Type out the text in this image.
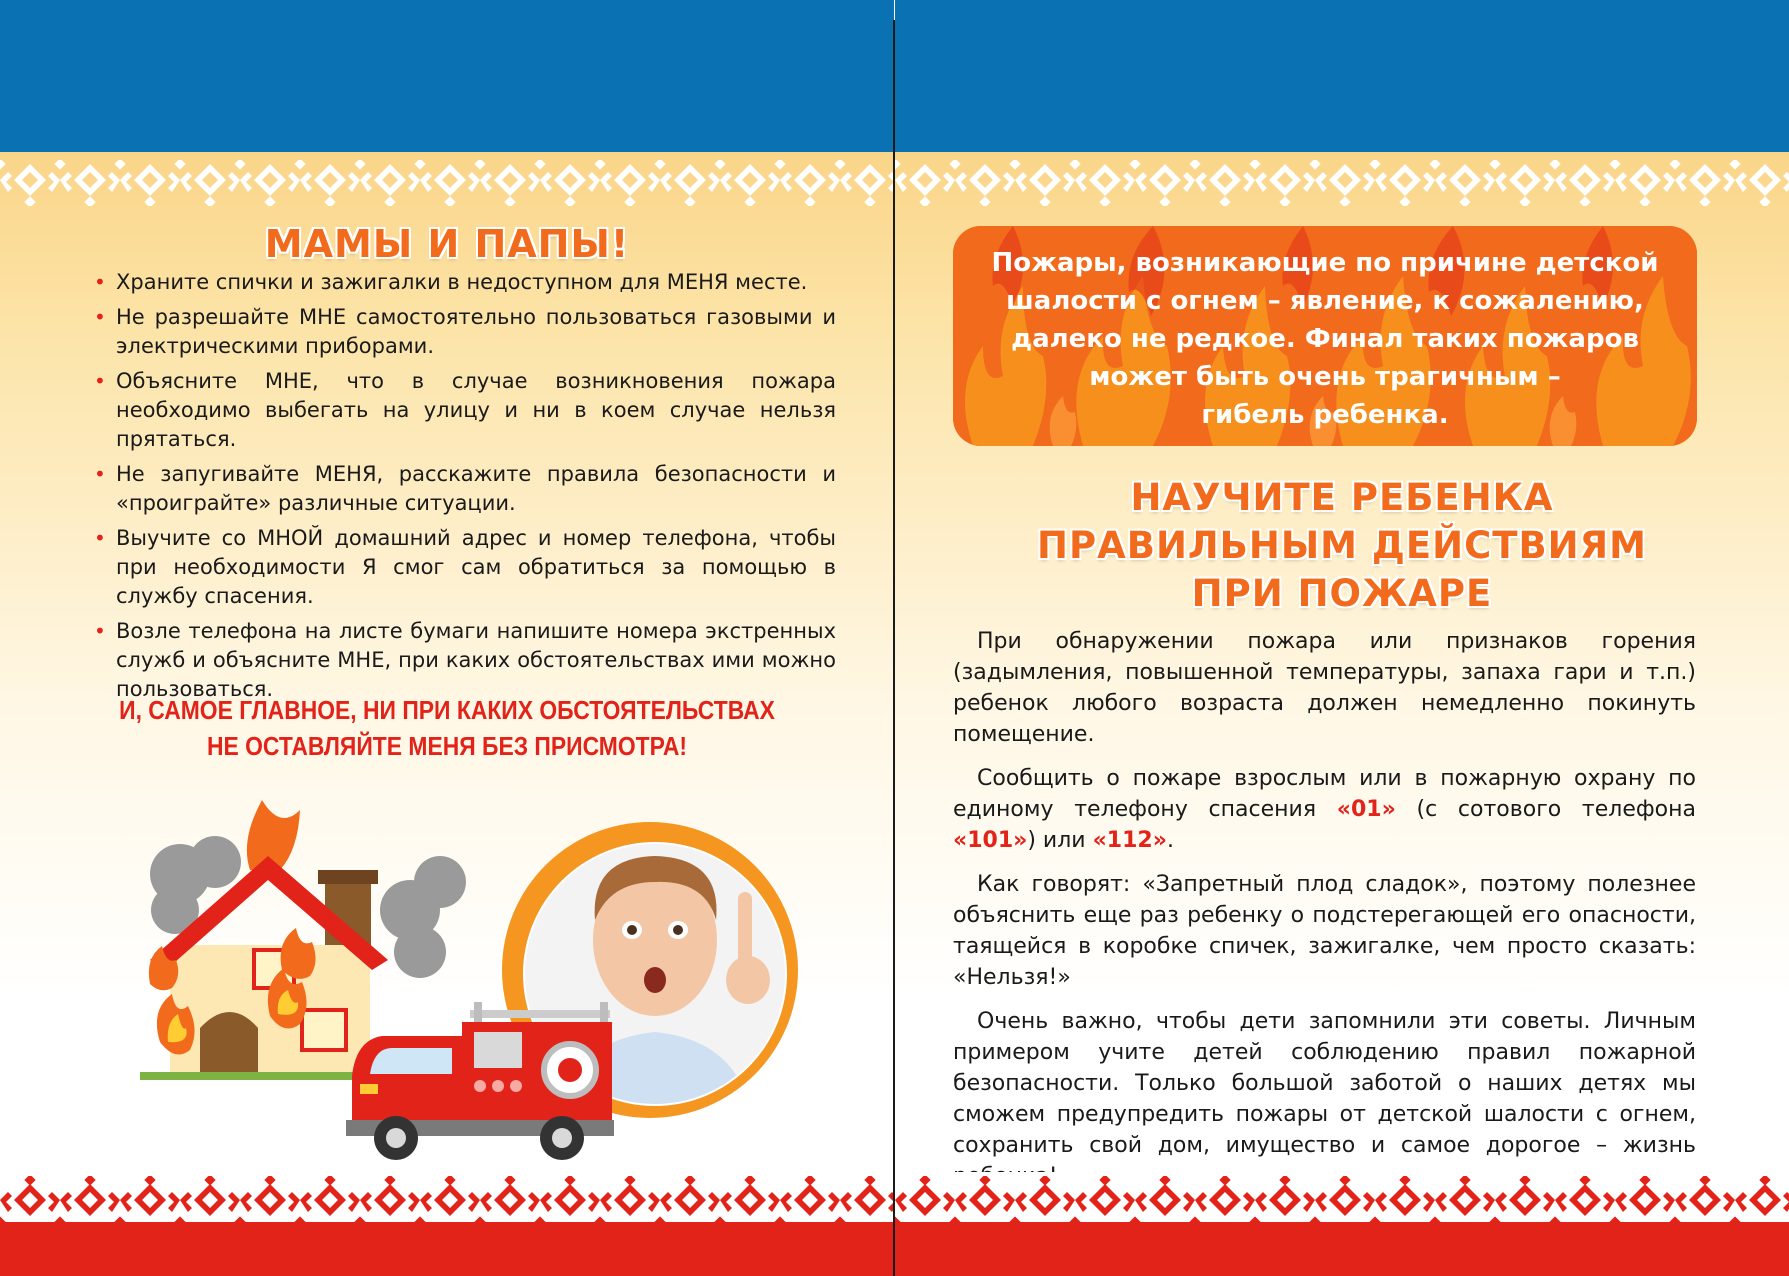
МАМЫ И ПАПЫ!
• Храните спички и зажигалки в недоступном для МЕНЯ месте.
• Не разрешайте МНЕ самостоятельно пользоваться газовыми и электрическими приборами.
• Объясните МНЕ, что в случае возникновения пожара необходимо выбегать на улицу и ни в коем случае нельзя прятаться.
• Не запугивайте МЕНЯ, расскажите правила безопасности и «проиграйте» различные ситуации.
• Выучите со МНОЙ домашний адрес и номер телефона, чтобы при необходимости Я смог сам обратиться за помощью в службу спасения.
• Возле телефона на листе бумаги напишите номера экстренных служб и объясните МНЕ, при каких обстоятельствах ими можно пользоваться.
И, САМОЕ ГЛАВНОЕ, НИ ПРИ КАКИХ ОБСТОЯТЕЛЬСТВАХ
НЕ ОСТАВЛЯЙТЕ МЕНЯ БЕЗ ПРИСМОТРА!
Пожары, возникающие по причине детской
шалости с огнем – явление, к сожалению,
далеко не редкое. Финал таких пожаров
может быть очень трагичным –
гибель ребенка.
НАУЧИТЕ РЕБЕНКА
ПРАВИЛЬНЫМ ДЕЙСТВИЯМ
ПРИ ПОЖАРЕ

При обнаружении пожара или признаков горения (задымления, повышенной температуры, запаха гари и т.п.) ребенок любого возраста должен немедленно покинуть помещение.

Сообщить о пожаре взрослым или в пожарную охрану по единому телефону спасения «01» (с сотового телефона «101») или «112».

Как говорят: «Запретный плод сладок», поэтому полезнее объяснить еще раз ребенку о подстерегающей его опасности, таящейся в коробке спичек, зажигалке, чем просто сказать: «Нельзя!»

Очень важно, чтобы дети запомнили эти советы. Личным примером учите детей соблюдению правил пожарной безопасности. Только большой заботой о наших детях мы сможем предупредить пожары от детской шалости с огнем, сохранить свой дом, имущество и самое дорогое – жизнь
